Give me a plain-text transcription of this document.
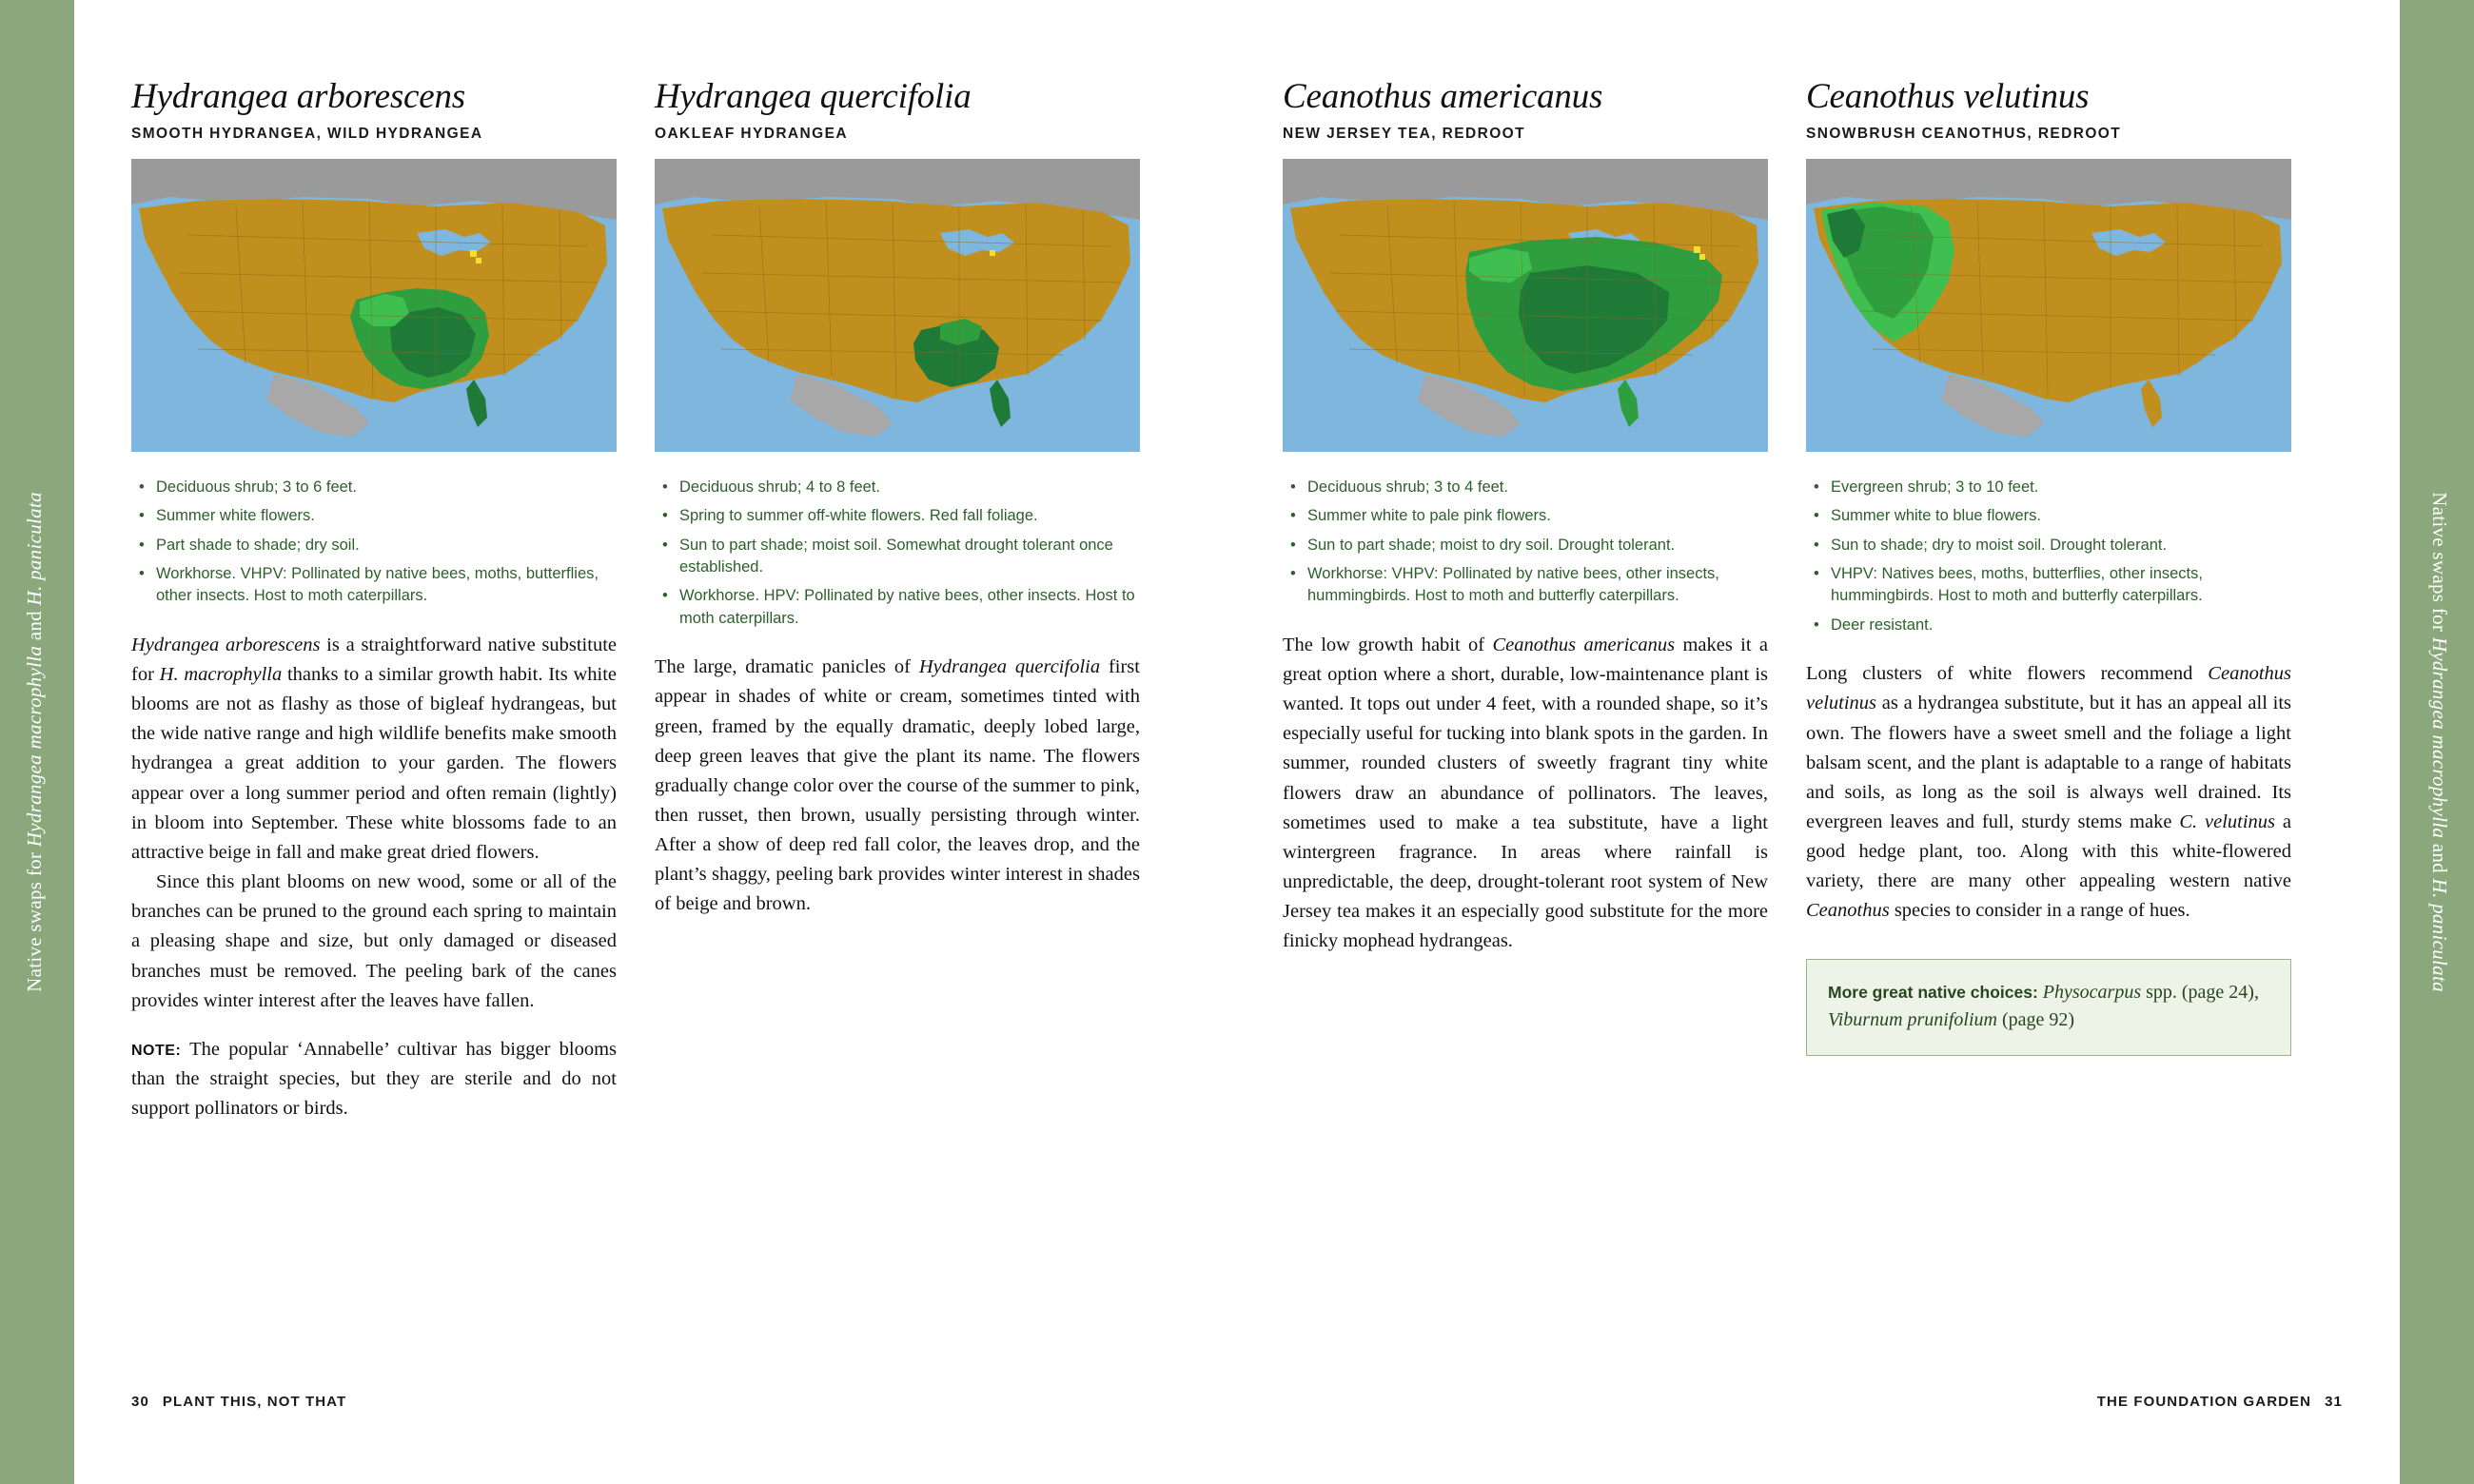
Native swaps for Hydrangea macrophylla and H. paniculata	Native swaps for Hydrangea macrophylla and H. paniculata
Hydrangea arborescens
SMOOTH HYDRANGEA, WILD HYDRANGEA
• Deciduous shrub; 3 to 6 feet.
• Summer white flowers.
• Part shade to shade; dry soil.
• Workhorse. VHPV: Pollinated by native bees, moths, butterflies, other insects. Host to moth caterpillars.

Hydrangea arborescens is a straightforward native substitute for H. macrophylla thanks to a similar growth habit. Its white blooms are not as flashy as those of bigleaf hydrangeas, but the wide native range and high wildlife benefits make smooth hydrangea a great addition to your garden. The flowers appear over a long summer period and often remain (lightly) in bloom into September. These white blossoms fade to an attractive beige in fall and make great dried flowers.

Since this plant blooms on new wood, some or all of the branches can be pruned to the ground each spring to maintain a pleasing shape and size, but only damaged or diseased branches must be removed. The peeling bark of the canes provides winter interest after the leaves have fallen.

NOTE: The popular ‘Annabelle’ cultivar has bigger blooms than the straight species, but they are sterile and do not support pollinators or birds.

Hydrangea quercifolia
OAKLEAF HYDRANGEA
• Deciduous shrub; 4 to 8 feet.
• Spring to summer off-white flowers. Red fall foliage.
• Sun to part shade; moist soil. Somewhat drought tolerant once established.
• Workhorse. HPV: Pollinated by native bees, other insects. Host to moth caterpillars.

The large, dramatic panicles of Hydrangea quercifolia first appear in shades of white or cream, sometimes tinted with green, framed by the equally dramatic, deeply lobed large, deep green leaves that give the plant its name. The flowers gradually change color over the course of the summer to pink, then russet, then brown, usually persisting through winter. After a show of deep red fall color, the leaves drop, and the plant’s shaggy, peeling bark provides winter interest in shades of beige and brown.

Ceanothus americanus
NEW JERSEY TEA, REDROOT
• Deciduous shrub; 3 to 4 feet.
• Summer white to pale pink flowers.
• Sun to part shade; moist to dry soil. Drought tolerant.
• Workhorse: VHPV: Pollinated by native bees, other insects, hummingbirds. Host to moth and butterfly caterpillars.

The low growth habit of Ceanothus americanus makes it a great option where a short, durable, low-maintenance plant is wanted. It tops out under 4 feet, with a rounded shape, so it’s especially useful for tucking into blank spots in the garden. In summer, rounded clusters of sweetly fragrant tiny white flowers draw an abundance of pollinators. The leaves, sometimes used to make a tea substitute, have a light wintergreen fragrance. In areas where rainfall is unpredictable, the deep, drought-tolerant root system of New Jersey tea makes it an especially good substitute for the more finicky mophead hydrangeas.

Ceanothus velutinus
SNOWBRUSH CEANOTHUS, REDROOT
• Evergreen shrub; 3 to 10 feet.
• Summer white to blue flowers.
• Sun to shade; dry to moist soil. Drought tolerant.
• VHPV: Natives bees, moths, butterflies, other insects, hummingbirds. Host to moth and butterfly caterpillars.
• Deer resistant.

Long clusters of white flowers recommend Ceanothus velutinus as a hydrangea substitute, but it has an appeal all its own. The flowers have a sweet smell and the foliage a light balsam scent, and the plant is adaptable to a range of habitats and soils, as long as the soil is always well drained. Its evergreen leaves and full, sturdy stems make C. velutinus a good hedge plant, too. Along with this white-flowered variety, there are many other appealing western native Ceanothus species to consider in a range of hues.

More great native choices: Physocarpus spp. (page 24), Viburnum prunifolium (page 92)

30 PLANT THIS, NOT THAT	THE FOUNDATION GARDEN 31
